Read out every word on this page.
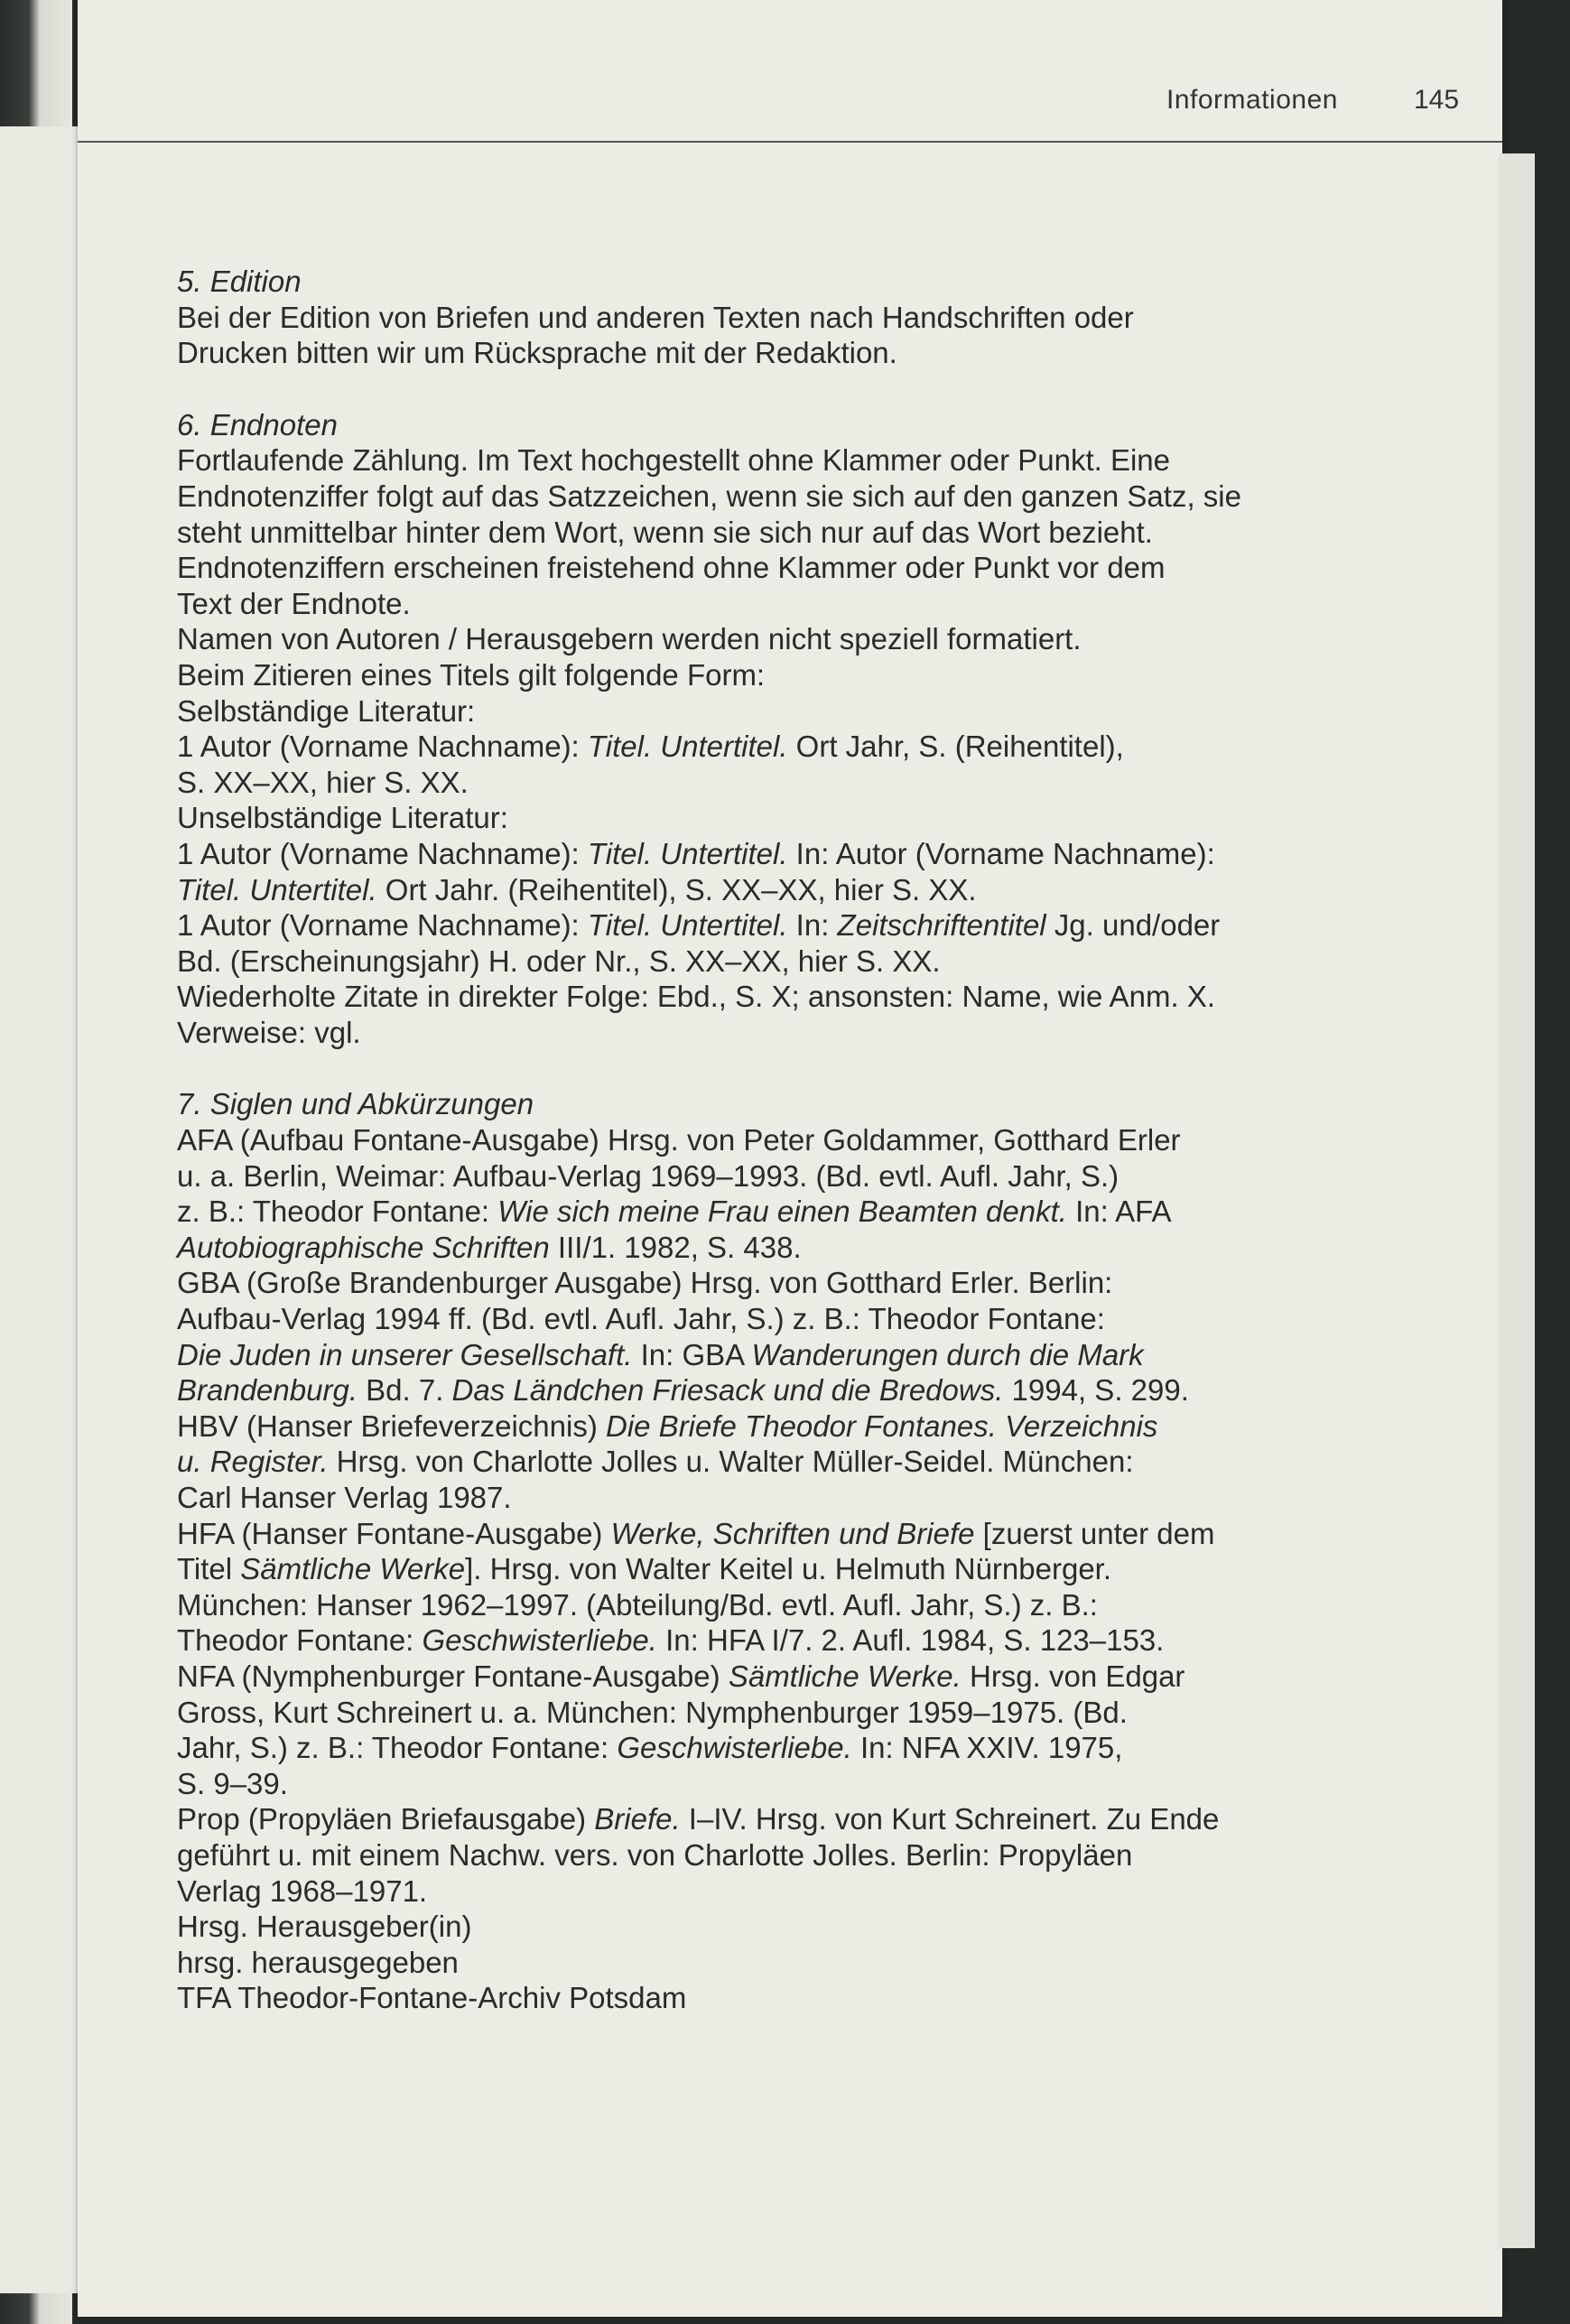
Informationen	145

5. Edition

Bei der Edition von Briefen und anderen Texten nach Handschriften oder

Drucken bitten wir um Rücksprache mit der Redaktion.

6. Endnoten

Fortlaufende Zählung. Im Text hochgestellt ohne Klammer oder Punkt. Eine

Endnotenziffer folgt auf das Satzzeichen, wenn sie sich auf den ganzen Satz, sie

steht unmittelbar hinter dem Wort, wenn sie sich nur auf das Wort bezieht.

Endnotenziffern erscheinen freistehend ohne Klammer oder Punkt vor dem

Text der Endnote.

Namen von Autoren / Herausgebern werden nicht speziell formatiert.

Beim Zitieren eines Titels gilt folgende Form:

Selbständige Literatur:

1 Autor (Vorname Nachname): Titel. Untertitel. Ort Jahr, S. (Reihentitel),

S. XX–XX, hier S. XX.

Unselbständige Literatur:

1 Autor (Vorname Nachname): Titel. Untertitel. In: Autor (Vorname Nachname):

Titel. Untertitel. Ort Jahr. (Reihentitel), S. XX–XX, hier S. XX.

1 Autor (Vorname Nachname): Titel. Untertitel. In: Zeitschriftentitel Jg. und/oder

Bd. (Erscheinungsjahr) H. oder Nr., S. XX–XX, hier S. XX.

Wiederholte Zitate in direkter Folge: Ebd., S. X; ansonsten: Name, wie Anm. X.

Verweise: vgl.

7. Siglen und Abkürzungen

AFA (Aufbau Fontane-Ausgabe) Hrsg. von Peter Goldammer, Gotthard Erler
u. a. Berlin, Weimar: Aufbau-Verlag 1969–1993. (Bd. evtl. Aufl. Jahr, S.)
z. B.: Theodor Fontane: Wie sich meine Frau einen Beamten denkt. In: AFA
Autobiographische Schriften III/1. 1982, S. 438.
GBA (Große Brandenburger Ausgabe) Hrsg. von Gotthard Erler. Berlin:
Aufbau-Verlag 1994 ff. (Bd. evtl. Aufl. Jahr, S.) z. B.: Theodor Fontane:
Die Juden in unserer Gesellschaft. In: GBA Wanderungen durch die Mark
Brandenburg. Bd. 7. Das Ländchen Friesack und die Bredows. 1994, S. 299.
HBV (Hanser Briefeverzeichnis) Die Briefe Theodor Fontanes. Verzeichnis
u. Register. Hrsg. von Charlotte Jolles u. Walter Müller-Seidel. München:
Carl Hanser Verlag 1987.
HFA (Hanser Fontane-Ausgabe) Werke, Schriften und Briefe [zuerst unter dem
Titel Sämtliche Werke]. Hrsg. von Walter Keitel u. Helmuth Nürnberger.
München: Hanser 1962–1997. (Abteilung/Bd. evtl. Aufl. Jahr, S.) z. B.:
Theodor Fontane: Geschwisterliebe. In: HFA I/7. 2. Aufl. 1984, S. 123–153.
NFA (Nymphenburger Fontane-Ausgabe) Sämtliche Werke. Hrsg. von Edgar
Gross, Kurt Schreinert u. a. München: Nymphenburger 1959–1975. (Bd.
Jahr, S.) z. B.: Theodor Fontane: Geschwisterliebe. In: NFA XXIV. 1975,
S. 9–39.
Prop (Propyläen Briefausgabe) Briefe. I–IV. Hrsg. von Kurt Schreinert. Zu Ende
geführt u. mit einem Nachw. vers. von Charlotte Jolles. Berlin: Propyläen
Verlag 1968–1971.

Hrsg. Herausgeber(in)

hrsg. herausgegeben

TFA Theodor-Fontane-Archiv Potsdam
